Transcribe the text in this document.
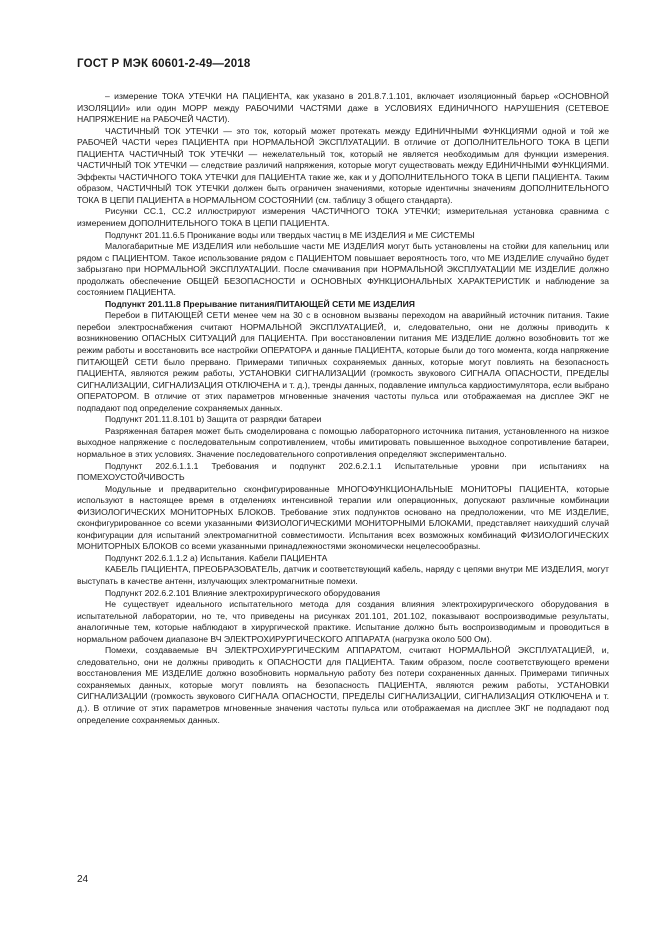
ГОСТ Р МЭК 60601-2-49—2018

– измерение ТОКА УТЕЧКИ НА ПАЦИЕНТА, как указано в 201.8.7.1.101, включает изоляционный барьер «ОСНОВНОЙ ИЗОЛЯЦИИ» или один МОРР между РАБОЧИМИ ЧАСТЯМИ даже в УСЛОВИЯХ ЕДИНИЧНОГО НАРУШЕНИЯ (СЕТЕВОЕ НАПРЯЖЕНИЕ на РАБОЧЕЙ ЧАСТИ).

ЧАСТИЧНЫЙ ТОК УТЕЧКИ — это ток, который может протекать между ЕДИНИЧНЫМИ ФУНКЦИЯМИ одной и той же РАБОЧЕЙ ЧАСТИ через ПАЦИЕНТА при НОРМАЛЬНОЙ ЭКСПЛУАТАЦИИ. В отличие от ДОПОЛНИТЕЛЬНОГО ТОКА В ЦЕПИ ПАЦИЕНТА ЧАСТИЧНЫЙ ТОК УТЕЧКИ — нежелательный ток, который не является необходимым для функции измерения. ЧАСТИЧНЫЙ ТОК УТЕЧКИ — следствие различий напряжения, которые могут существовать между ЕДИНИЧНЫМИ ФУНКЦИЯМИ. Эффекты ЧАСТИЧНОГО ТОКА УТЕЧКИ для ПАЦИЕНТА такие же, как и у ДОПОЛНИТЕЛЬНОГО ТОКА В ЦЕПИ ПАЦИЕНТА. Таким образом, ЧАСТИЧНЫЙ ТОК УТЕЧКИ должен быть ограничен значениями, которые идентичны значениям ДОПОЛНИТЕЛЬНОГО ТОКА В ЦЕПИ ПАЦИЕНТА в НОРМАЛЬНОМ СОСТОЯНИИ (см. таблицу 3 общего стандарта).

Рисунки СС.1, СС.2 иллюстрируют измерения ЧАСТИЧНОГО ТОКА УТЕЧКИ; измерительная установка сравнима с измерением ДОПОЛНИТЕЛЬНОГО ТОКА В ЦЕПИ ПАЦИЕНТА.

Подпункт 201.11.6.5 Проникание воды или твердых частиц в МЕ ИЗДЕЛИЯ и МЕ СИСТЕМЫ

Малогабаритные МЕ ИЗДЕЛИЯ или небольшие части МЕ ИЗДЕЛИЯ могут быть установлены на стойки для капельниц или рядом с ПАЦИЕНТОМ. Такое использование рядом с ПАЦИЕНТОМ повышает вероятность того, что МЕ ИЗДЕЛИЕ случайно будет забрызгано при НОРМАЛЬНОЙ ЭКСПЛУАТАЦИИ. После смачивания при НОРМАЛЬНОЙ ЭКСПЛУАТАЦИИ МЕ ИЗДЕЛИЕ должно продолжать обеспечение ОБЩЕЙ БЕЗОПАСНОСТИ и ОСНОВНЫХ ФУНКЦИОНАЛЬНЫХ ХАРАКТЕРИСТИК и наблюдение за состоянием ПАЦИЕНТА.

Подпункт 201.11.8 Прерывание питания/ПИТАЮЩЕЙ СЕТИ МЕ ИЗДЕЛИЯ

Перебои в ПИТАЮЩЕЙ СЕТИ менее чем на 30 с в основном вызваны переходом на аварийный источник питания. Такие перебои электроснабжения считают НОРМАЛЬНОЙ ЭКСПЛУАТАЦИЕЙ, и, следовательно, они не должны приводить к возникновению ОПАСНЫХ СИТУАЦИЙ для ПАЦИЕНТА. При восстановлении питания МЕ ИЗДЕЛИЕ должно возобновить тот же режим работы и восстановить все настройки ОПЕРАТОРА и данные ПАЦИЕНТА, которые были до того момента, когда напряжение ПИТАЮЩЕЙ СЕТИ было прервано. Примерами типичных сохраняемых данных, которые могут повлиять на безопасность ПАЦИЕНТА, являются режим работы, УСТАНОВКИ СИГНАЛИЗАЦИИ (громкость звукового СИГНАЛА ОПАСНОСТИ, ПРЕДЕЛЫ СИГНАЛИЗАЦИИ, СИГНАЛИЗАЦИЯ ОТКЛЮЧЕНА и т. д.), тренды данных, подавление импульса кардиостимулятора, если выбрано ОПЕРАТОРОМ. В отличие от этих параметров мгновенные значения частоты пульса или отображаемая на дисплее ЭКГ не подпадают под определение сохраняемых данных.

Подпункт 201.11.8.101 b) Защита от разрядки батареи

Разряженная батарея может быть смоделирована с помощью лабораторного источника питания, установленного на низкое выходное напряжение с последовательным сопротивлением, чтобы имитировать повышенное выходное сопротивление батареи, нормальное в этих условиях. Значение последовательного сопротивления определяют экспериментально.

Подпункт 202.6.1.1.1 Требования и подпункт 202.6.2.1.1 Испытательные уровни при испытаниях на ПОМЕХОУСТОЙЧИВОСТЬ

Модульные и предварительно сконфигурированные МНОГОФУНКЦИОНАЛЬНЫЕ МОНИТОРЫ ПАЦИЕНТА, которые используют в настоящее время в отделениях интенсивной терапии или операционных, допускают различные комбинации ФИЗИОЛОГИЧЕСКИХ МОНИТОРНЫХ БЛОКОВ. Требование этих подпунктов основано на предположении, что МЕ ИЗДЕЛИЕ, сконфигурированное со всеми указанными ФИЗИОЛОГИЧЕСКИМИ МОНИТОРНЫМИ БЛОКАМИ, представляет наихудший случай конфигурации для испытаний электромагнитной совместимости. Испытания всех возможных комбинаций ФИЗИОЛОГИЧЕСКИХ МОНИТОРНЫХ БЛОКОВ со всеми указанными принадлежностями экономически нецелесообразны.

Подпункт 202.6.1.1.2 а) Испытания. Кабели ПАЦИЕНТА

КАБЕЛЬ ПАЦИЕНТА, ПРЕОБРАЗОВАТЕЛЬ, датчик и соответствующий кабель, наряду с цепями внутри МЕ ИЗДЕЛИЯ, могут выступать в качестве антенн, излучающих электромагнитные помехи.

Подпункт 202.6.2.101 Влияние электрохирургического оборудования

Не существует идеального испытательного метода для создания влияния электрохирургического оборудования в испытательной лаборатории, но те, что приведены на рисунках 201.101, 201.102, показывают воспроизводимые результаты, аналогичные тем, которые наблюдают в хирургической практике. Испытание должно быть воспроизводимым и проводиться в нормальном рабочем диапазоне ВЧ ЭЛЕКТРОХИРУРГИЧЕСКОГО АППАРАТА (нагрузка около 500 Ом).

Помехи, создаваемые ВЧ ЭЛЕКТРОХИРУРГИЧЕСКИМ АППАРАТОМ, считают НОРМАЛЬНОЙ ЭКСПЛУАТАЦИЕЙ, и, следовательно, они не должны приводить к ОПАСНОСТИ для ПАЦИЕНТА. Таким образом, после соответствующего времени восстановления МЕ ИЗДЕЛИЕ должно возобновить нормальную работу без потери сохраненных данных. Примерами типичных сохраняемых данных, которые могут повлиять на безопасность ПАЦИЕНТА, являются режим работы, УСТАНОВКИ СИГНАЛИЗАЦИИ (громкость звукового СИГНАЛА ОПАСНОСТИ, ПРЕДЕЛЫ СИГНАЛИЗАЦИИ, СИГНАЛИЗАЦИЯ ОТКЛЮЧЕНА и т. д.). В отличие от этих параметров мгновенные значения частоты пульса или отображаемая на дисплее ЭКГ не подпадают под определение сохраняемых данных.

24
